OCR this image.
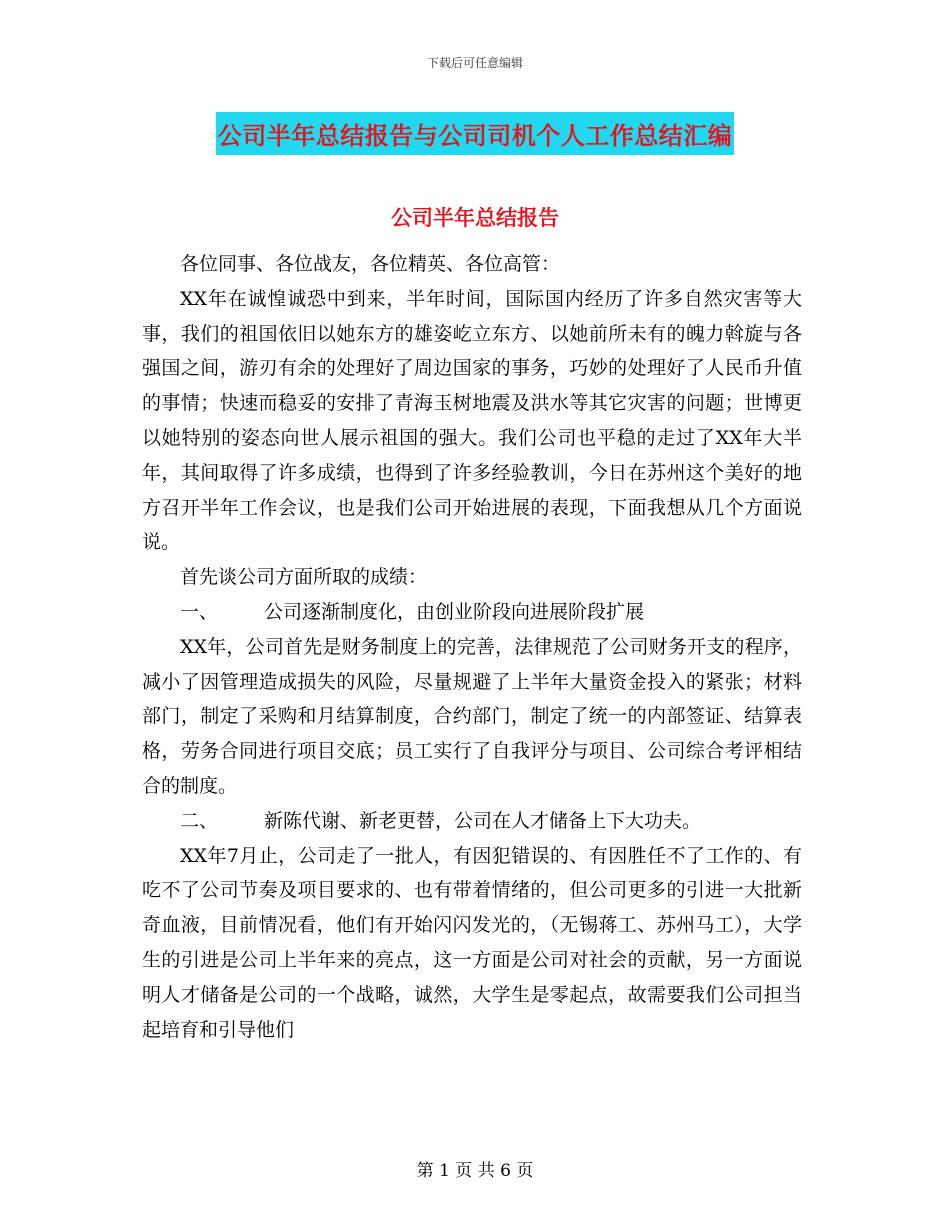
下载后可任意编辑
公司半年总结报告与公司司机个人工作总结汇编
公司半年总结报告

各位同事、各位战友，各位精英、各位高管：

XX年在诚惶诚恐中到来，半年时间，国际国内经历了许多自然灾害等大事，我们的祖国依旧以她东方的雄姿屹立东方、以她前所未有的魄力斡旋与各强国之间，游刃有余的处理好了周边国家的事务，巧妙的处理好了人民币升值的事情；快速而稳妥的安排了青海玉树地震及洪水等其它灾害的问题；世博更以她特别的姿态向世人展示祖国的强大。我们公司也平稳的走过了XX年大半年，其间取得了许多成绩，也得到了许多经验教训，今日在苏州这个美好的地方召开半年工作会议，也是我们公司开始进展的表现，下面我想从几个方面说说。

首先谈公司方面所取的成绩：

一、 公司逐渐制度化，由创业阶段向进展阶段扩展

XX年，公司首先是财务制度上的完善，法律规范了公司财务开支的程序，减小了因管理造成损失的风险，尽量规避了上半年大量资金投入的紧张；材料部门，制定了采购和月结算制度，合约部门，制定了统一的内部签证、结算表格，劳务合同进行项目交底；员工实行了自我评分与项目、公司综合考评相结合的制度。

二、 新陈代谢、新老更替，公司在人才储备上下大功夫。

XX年7月止，公司走了一批人，有因犯错误的、有因胜任不了工作的、有吃不了公司节奏及项目要求的、也有带着情绪的，但公司更多的引进一大批新奇血液，目前情况看，他们有开始闪闪发光的，（无锡蒋工、苏州马工），大学生的引进是公司上半年来的亮点，这一方面是公司对社会的贡献，另一方面说明人才储备是公司的一个战略，诚然，大学生是零起点，故需要我们公司担当起培育和引导他们

第 1 页 共 6 页
